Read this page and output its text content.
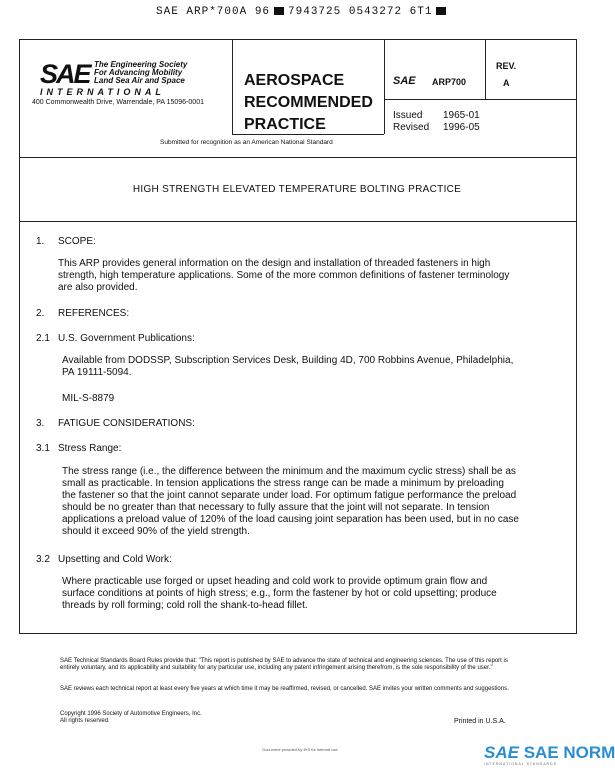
SAE ARP*700A 96 7943725 0543272 6T1
SAE The Engineering Society
For Advancing Mobility
Land Sea Air and Space
INTERNATIONAL
400 Commonwealth Drive, Warrendale, PA 15096-0001
AEROSPACE
RECOMMENDED
PRACTICE
Submitted for recognition as an American National Standard
SAE ARP700
REV.
A
Issued 1965-01
Revised 1996-05
HIGH STRENGTH ELEVATED TEMPERATURE BOLTING PRACTICE
1. SCOPE:
This ARP provides general information on the design and installation of threaded fasteners in high strength, high temperature applications. Some of the more common definitions of fastener terminology are also provided.
2. REFERENCES:
2.1 U.S. Government Publications:
Available from DODSSP, Subscription Services Desk, Building 4D, 700 Robbins Avenue, Philadelphia, PA 19111-5094.
MIL-S-8879
3. FATIGUE CONSIDERATIONS:
3.1 Stress Range:
The stress range (i.e., the difference between the minimum and the maximum cyclic stress) shall be as small as practicable. In tension applications the stress range can be made a minimum by preloading the fastener so that the joint cannot separate under load. For optimum fatigue performance the preload should be no greater than that necessary to fully assure that the joint will not separate. In tension applications a preload value of 120% of the load causing joint separation has been used, but in no case should it exceed 90% of the yield strength.
3.2 Upsetting and Cold Work:
Where practicable use forged or upset heading and cold work to provide optimum grain flow and surface conditions at points of high stress; e.g., form the fastener by hot or cold upsetting; produce threads by roll forming; cold roll the shank-to-head fillet.
SAE Technical Standards Board Rules provide that: "This report is published by SAE to advance the state of technical and engineering sciences. The use of this report is entirely voluntary, and its applicability and suitability for any particular use, including any patent infringement arising therefrom, is the sole responsibility of the user."
SAE reviews each technical report at least every five years at which time it may be reaffirmed, revised, or cancelled. SAE invites your written comments and suggestions.
Copyright 1996 Society of Automotive Engineers, Inc.
All rights reserved.	Printed in U.S.A.
Document provided by IHS for internal use	SAE SAE NORM
INTERNATIONAL STANDARDS
